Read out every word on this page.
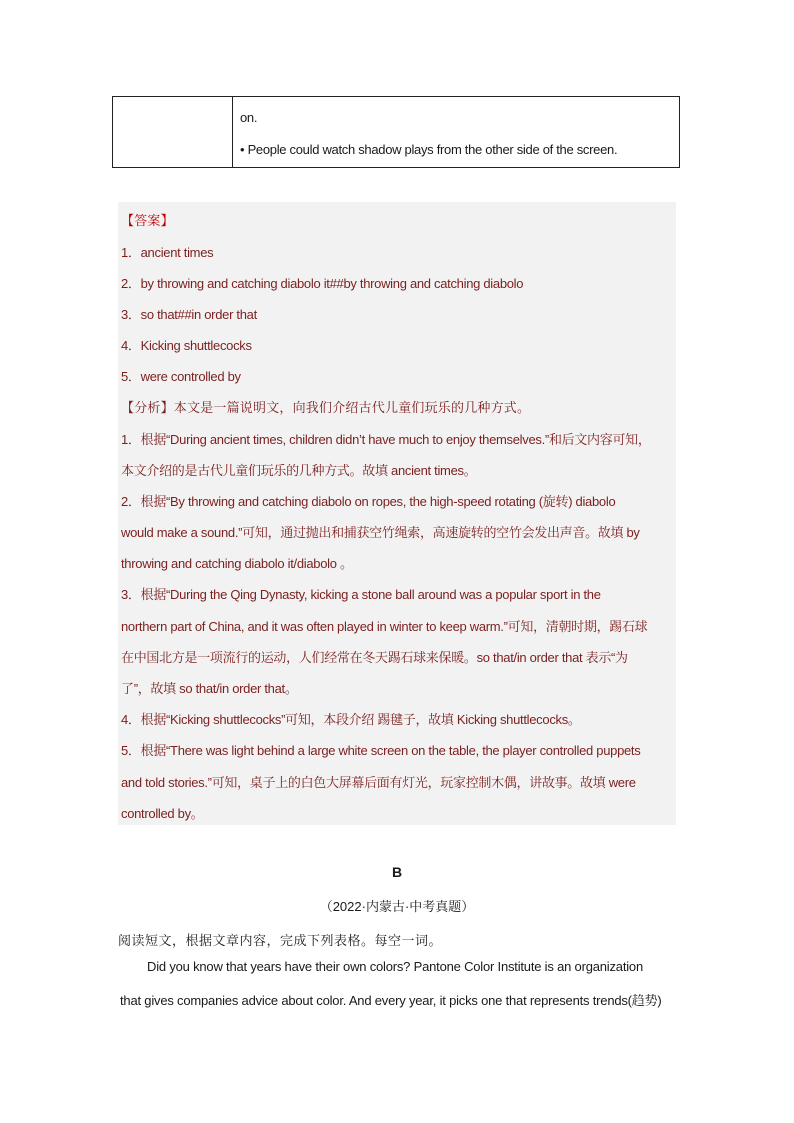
on.
• People could watch shadow plays from the other side of the screen.
【答案】
1．ancient times
2．by throwing and catching diabolo it##by throwing and catching diabolo
3．so that##in order that
4．Kicking shuttlecocks
5．were controlled by
【分析】本文是一篇说明文，向我们介绍古代儿童们玩乐的几种方式。
1．根据“During ancient times, children didn’t have much to enjoy themselves.”和后文内容可知，
本文介绍的是古代儿童们玩乐的几种方式。故填 ancient times。
2．根据“By throwing and catching diabolo on ropes, the high-speed rotating (旋转) diabolo
would make a sound.”可知，通过抛出和捕获空竹绳索，高速旋转的空竹会发出声音。故填 by
throwing and catching diabolo it/diabolo 。
3．根据“During the Qing Dynasty, kicking a stone ball around was a popular sport in the
northern part of China, and it was often played in winter to keep warm.”可知，清朝时期，踢石球
在中国北方是一项流行的运动，人们经常在冬天踢石球来保暖。so that/in order that 表示“为
了”，故填 so that/in order that。
4．根据“Kicking shuttlecocks”可知，本段介绍 踢毽子，故填 Kicking shuttlecocks。
5．根据“There was light behind a large white screen on the table, the player controlled puppets
and told stories.”可知，桌子上的白色大屏幕后面有灯光，玩家控制木偶，讲故事。故填 were
controlled by。
B
（2022·内蒙古·中考真题）
阅读短文，根据文章内容，完成下列表格。每空一词。
Did you know that years have their own colors? Pantone Color Institute is an organization
that gives companies advice about color. And every year, it picks one that represents trends(趋势)
